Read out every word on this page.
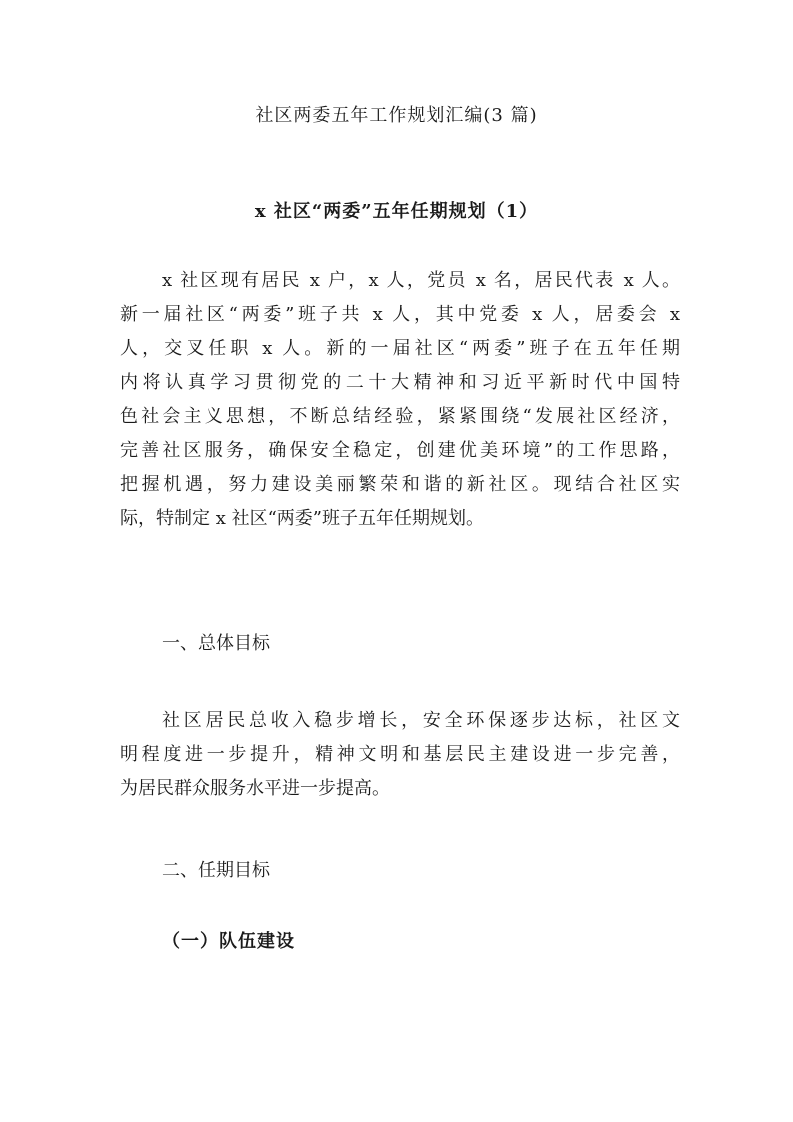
社区两委五年工作规划汇编(3 篇)
x 社区“两委”五年任期规划（1）
x 社区现有居民 x 户，x 人，党员 x 名，居民代表 x 人。
新一届社区“两委”班子共 x 人，其中党委 x 人，居委会 x
人，交叉任职 x 人。新的一届社区“两委”班子在五年任期
内将认真学习贯彻党的二十大精神和习近平新时代中国特
色社会主义思想，不断总结经验，紧紧围绕“发展社区经济，
完善社区服务，确保安全稳定，创建优美环境”的工作思路，
把握机遇，努力建设美丽繁荣和谐的新社区。现结合社区实
际，特制定 x 社区“两委”班子五年任期规划。
一、总体目标
社区居民总收入稳步增长，安全环保逐步达标，社区文
明程度进一步提升，精神文明和基层民主建设进一步完善，
为居民群众服务水平进一步提高。
二、任期目标
（一）队伍建设
